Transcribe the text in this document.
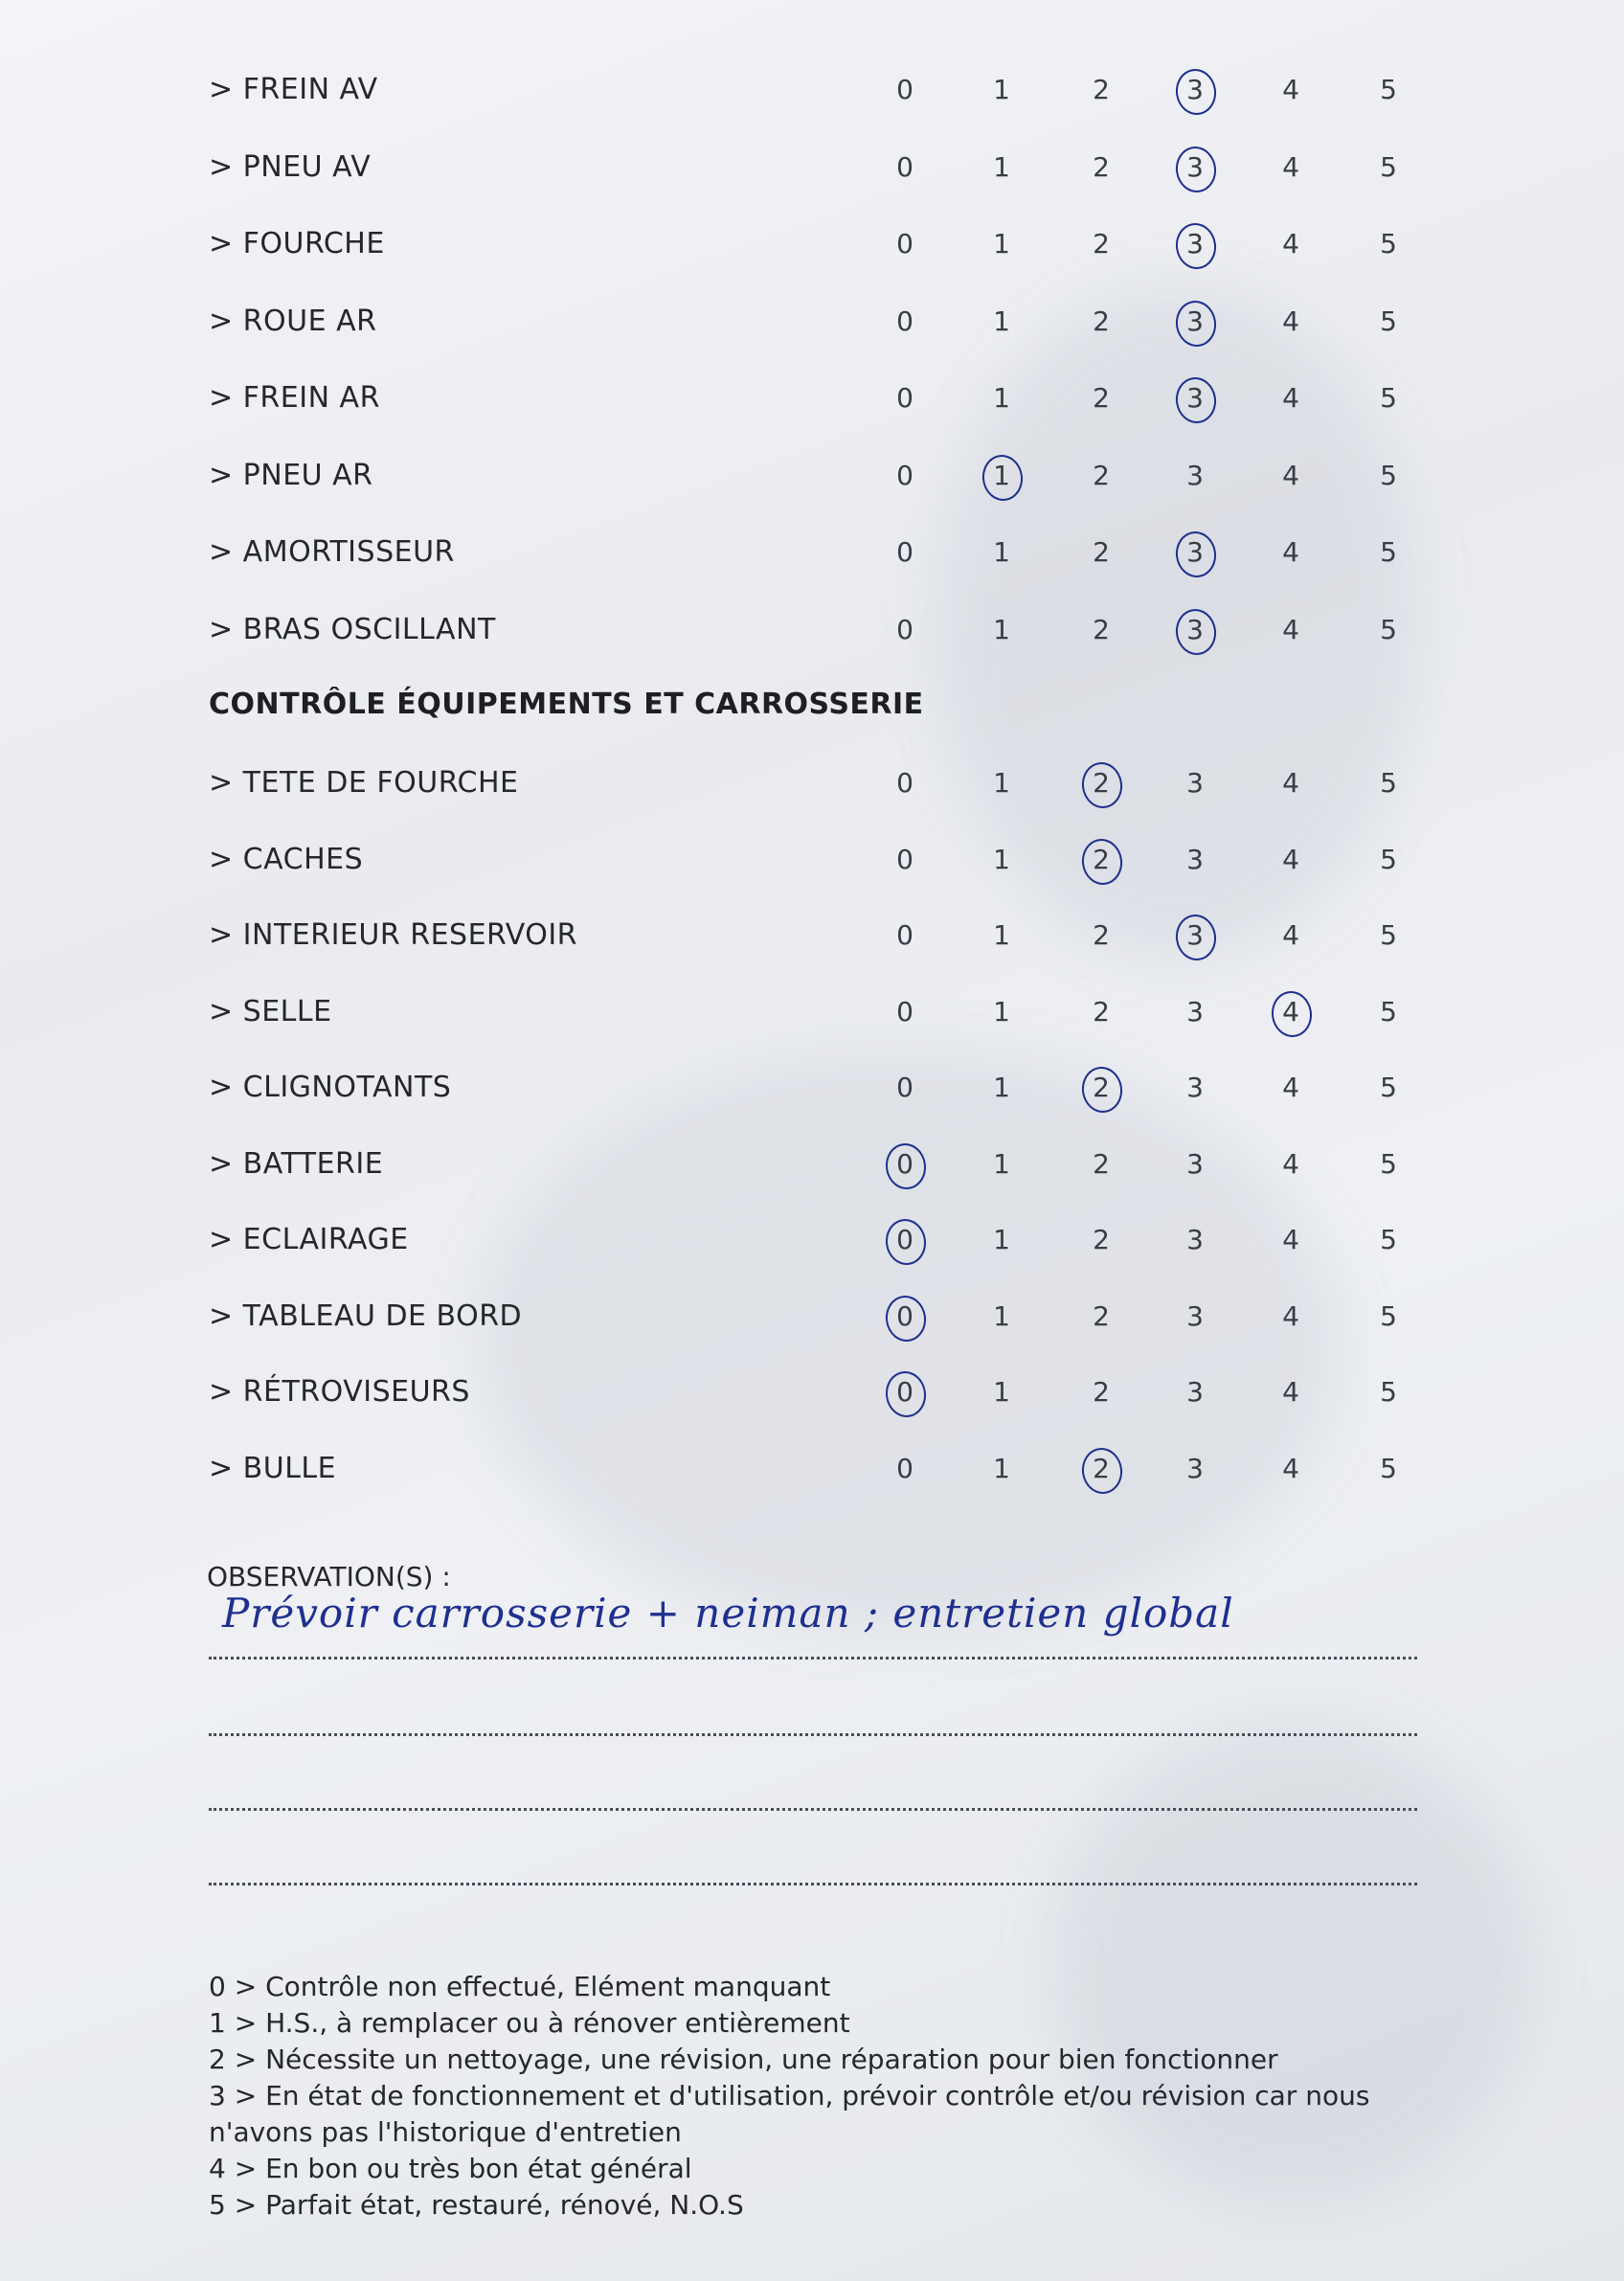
> FREIN AV	0	1	2	3	4	5
> PNEU AV	0	1	2	3	4	5
> FOURCHE	0	1	2	3	4	5
> ROUE AR	0	1	2	3	4	5
> FREIN AR	0	1	2	3	4	5
> PNEU AR	0	1	2	3	4	5
> AMORTISSEUR	0	1	2	3	4	5
> BRAS OSCILLANT	0	1	2	3	4	5
CONTRÔLE ÉQUIPEMENTS ET CARROSSERIE
> TETE DE FOURCHE	0	1	2	3	4	5
> CACHES	0	1	2	3	4	5
> INTERIEUR RESERVOIR	0	1	2	3	4	5
> SELLE	0	1	2	3	4	5
> CLIGNOTANTS	0	1	2	3	4	5
> BATTERIE	0	1	2	3	4	5
> ECLAIRAGE	0	1	2	3	4	5
> TABLEAU DE BORD	0	1	2	3	4	5
> RÉTROVISEURS	0	1	2	3	4	5
> BULLE	0	1	2	3	4	5
OBSERVATION(S) :
Prévoir carrosserie + neiman ; entretien global
0 > Contrôle non effectué, Elément manquant
1 > H.S., à remplacer ou à rénover entièrement
2 > Nécessite un nettoyage, une révision, une réparation pour bien fonctionner
3 > En état de fonctionnement et d'utilisation, prévoir contrôle et/ou révision car nous
n'avons pas l'historique d'entretien
4 > En bon ou très bon état général
5 > Parfait état, restauré, rénové, N.O.S
